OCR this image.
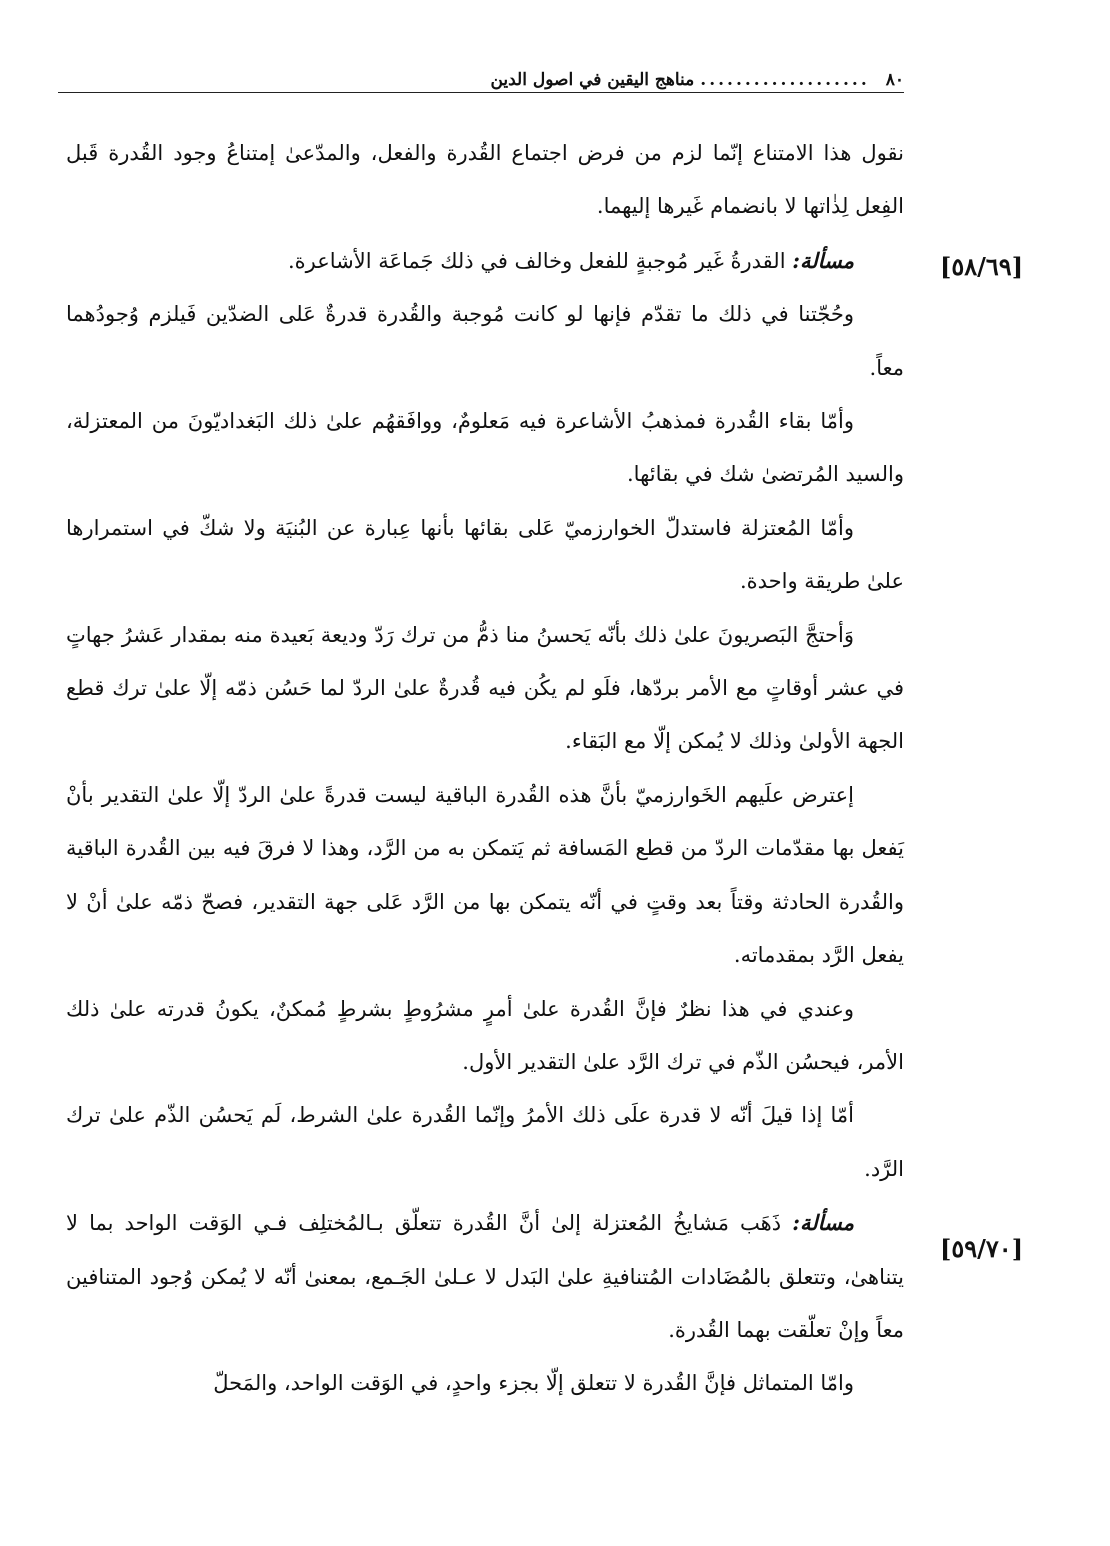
٨٠
...................
مناهج اليقين في اصول الدين
[٥٨/٦٩]
[٥٩/٧٠]

نقول هذا الامتناع إنّما لزم من فرض اجتماع القُدرة والفعل، والمدّعىٰ إمتناعُ وجود القُدرة قَبل الفِعل لِذٰاتها لا بانضمام غَيرها إليهما.

مسألة: القدرةُ غَير مُوجبةٍ للفعل وخالف في ذلك جَماعَة الأشاعرة.

وحُجّتنا في ذلك ما تقدّم فإنها لو كانت مُوجبة والقُدرة قدرةٌ عَلى الضدّين فَيلزم وُجودُهما معاً.

وأمّا بقاء القُدرة فمذهبُ الأشاعرة فيه مَعلومٌ، ووافَقهُم علىٰ ذلك البَغداديّونَ من المعتزلة، والسيد المُرتضىٰ شك في بقائها.

وأمّا المُعتزلة فاستدلّ الخوارزميّ عَلى بقائها بأنها عِبارة عن البُنيَة ولا شكّ في استمرارها علىٰ طريقة واحدة.

وَأحتجَّ البَصريونَ علىٰ ذلك بأنّه يَحسنُ منا ذمُّ من ترك رَدّ وديعة بَعيدة منه بمقدار عَشرُ جهاتٍ في عشر أوقاتٍ مع الأمر بردّها، فلَو لم يكُن فيه قُدرةٌ علىٰ الردّ لما حَسُن ذمّه إلّا علىٰ ترك قطع الجهة الأولىٰ وذلك لا يُمكن إلّا مع البَقاء.

إعترض علَيهم الخَوارزميّ بأنَّ هذه القُدرة الباقية ليست قدرةً علىٰ الردّ إلّا علىٰ التقدير بأنْ يَفعل بها مقدّمات الردّ من قطع المَسافة ثم يَتمكن به من الرَّد، وهذا لا فرقَ فيه بين القُدرة الباقية والقُدرة الحادثة وقتاً بعد وقتٍ في أنّه يتمكن بها من الرَّد عَلى جهة التقدير، فصحّ ذمّه علىٰ أنْ لا يفعل الرَّد بمقدماته.

وعندي في هذا نظرٌ فإنَّ القُدرة علىٰ أمرٍ مشرُوطٍ بشرطٍ مُمكنٌ، يكونُ قدرته علىٰ ذلك الأمر، فيحسُن الذّم في ترك الرَّد علىٰ التقدير الأول.

أمّا إذا قيلَ أنّه لا قدرة علَى ذلك الأمرُ وإنّما القُدرة علىٰ الشرط، لَم يَحسُن الذّم علىٰ ترك الرَّد.

مسألة: ذَهَب مَشايخُ المُعتزلة إلىٰ أنَّ القُدرة تتعلّق بـالمُختلِف فـي الوَقت الواحد بما لا يتناهىٰ، وتتعلق بالمُضَادات المُتنافيةِ علىٰ البَدل لا عـلىٰ الجَـمع، بمعنىٰ أنّه لا يُمكن وُجود المتنافين معاً وإنْ تعلّقت بهما القُدرة.

وامّا المتماثل فإنَّ القُدرة لا تتعلق إلّا بجزء واحدٍ، في الوَقت الواحد، والمَحلّ
